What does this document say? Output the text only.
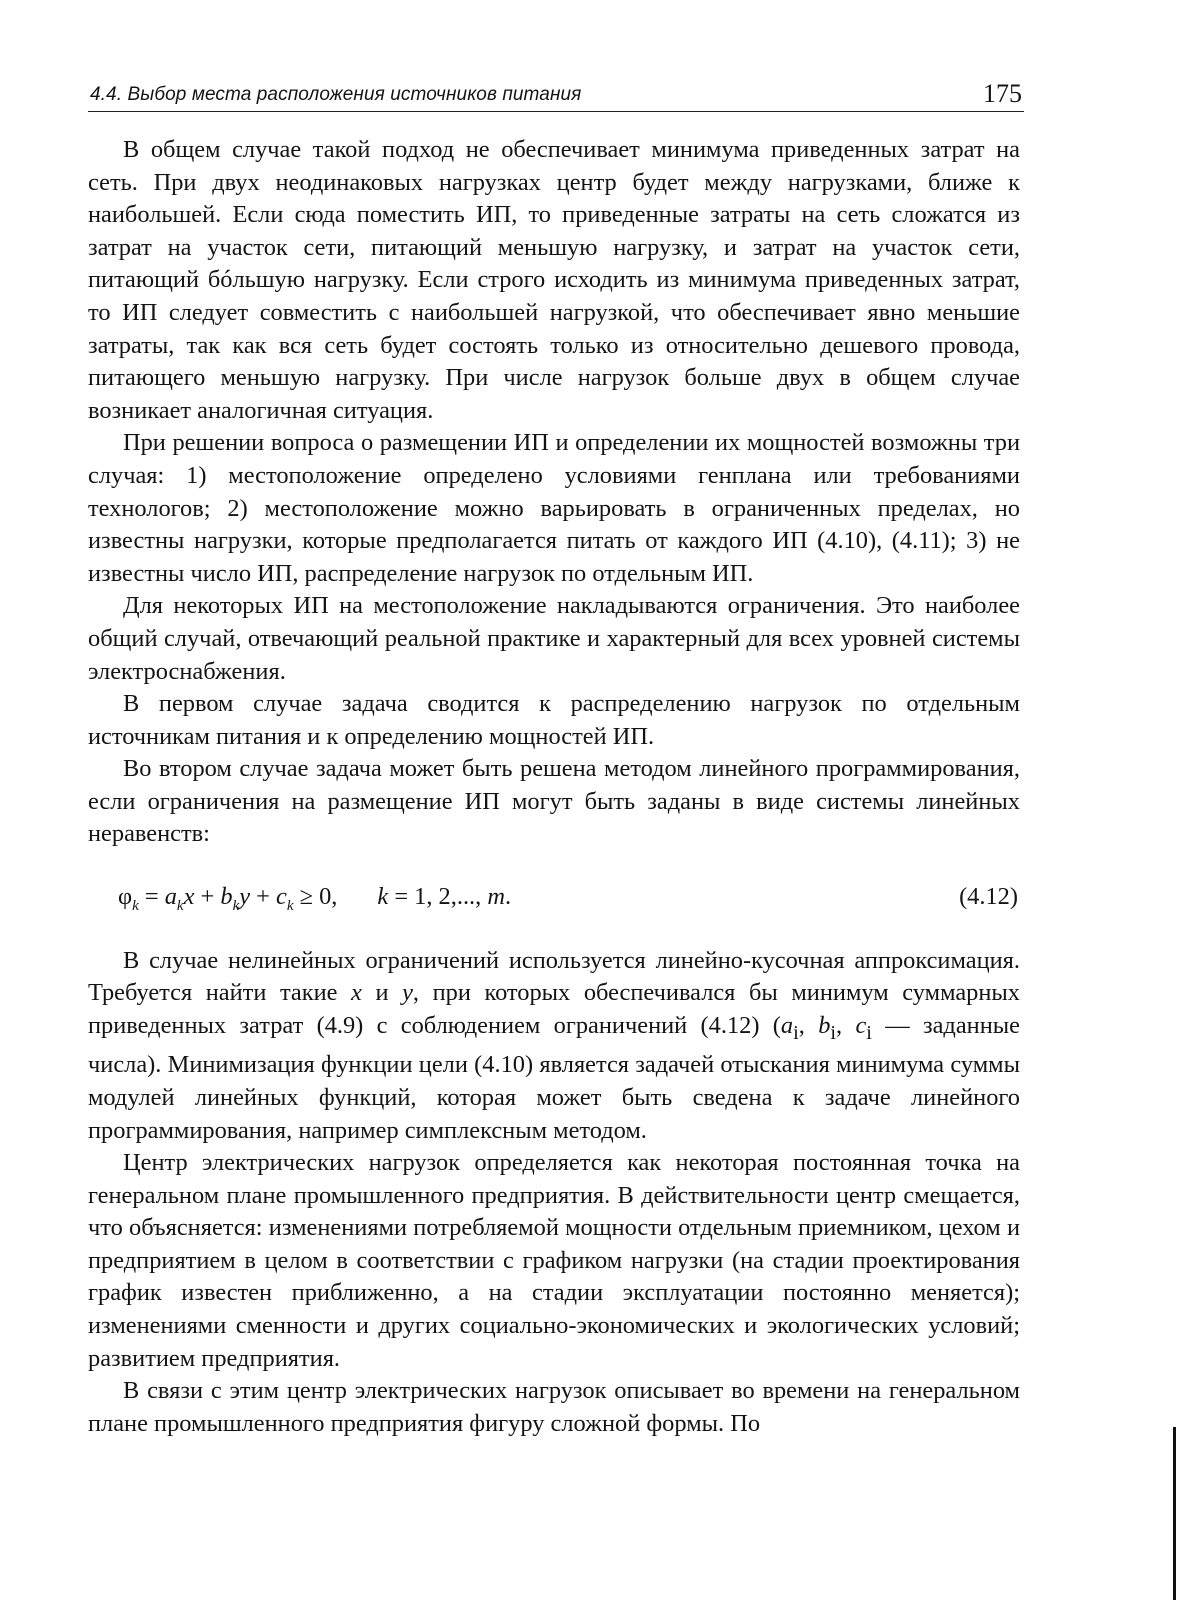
4.4. Выбор места расположения источников питания	175

В общем случае такой подход не обеспечивает минимума приведенных затрат на сеть. При двух неодинаковых нагрузках центр будет между нагрузками, ближе к наибольшей. Если сюда поместить ИП, то приведенные затраты на сеть сложатся из затрат на участок сети, питающий меньшую нагрузку, и затрат на участок сети, питающий бóльшую нагрузку. Если строго исходить из минимума приведенных затрат, то ИП следует совместить с наибольшей нагрузкой, что обеспечивает явно меньшие затраты, так как вся сеть будет состоять только из относительно дешевого провода, питающего меньшую нагрузку. При числе нагрузок больше двух в общем случае возникает аналогичная ситуация.

При решении вопроса о размещении ИП и определении их мощностей возможны три случая: 1) местоположение определено условиями генплана или требованиями технологов; 2) местоположение можно варьировать в ограниченных пределах, но известны нагрузки, которые предполагается питать от каждого ИП (4.10), (4.11); 3) не известны число ИП, распределение нагрузок по отдельным ИП.

Для некоторых ИП на местоположение накладываются ограничения. Это наиболее общий случай, отвечающий реальной практике и характерный для всех уровней системы электроснабжения.

В первом случае задача сводится к распределению нагрузок по отдельным источникам питания и к определению мощностей ИП.

Во втором случае задача может быть решена методом линейного программирования, если ограничения на размещение ИП могут быть заданы в виде системы линейных неравенств:

$\varphi_k = a_kx + b_ky + c_k \ge 0$, k = 1, 2,..., m.	(4.12)

В случае нелинейных ограничений используется линейно-кусочная аппроксимация. Требуется найти такие x и y, при которых обеспечивался бы минимум суммарных приведенных затрат (4.9) с соблюдением ограничений (4.12) ($a_i$, $b_i$, $c_i$ — заданные числа). Минимизация функции цели (4.10) является задачей отыскания минимума суммы модулей линейных функций, которая может быть сведена к задаче линейного программирования, например симплексным методом.

Центр электрических нагрузок определяется как некоторая постоянная точка на генеральном плане промышленного предприятия. В действительности центр смещается, что объясняется: изменениями потребляемой мощности отдельным приемником, цехом и предприятием в целом в соответствии с графиком нагрузки (на стадии проектирования график известен приближенно, а на стадии эксплуатации постоянно меняется); изменениями сменности и других социально-экономических и экологических условий; развитием предприятия.

В связи с этим центр электрических нагрузок описывает во времени на генеральном плане промышленного предприятия фигуру сложной формы. По
